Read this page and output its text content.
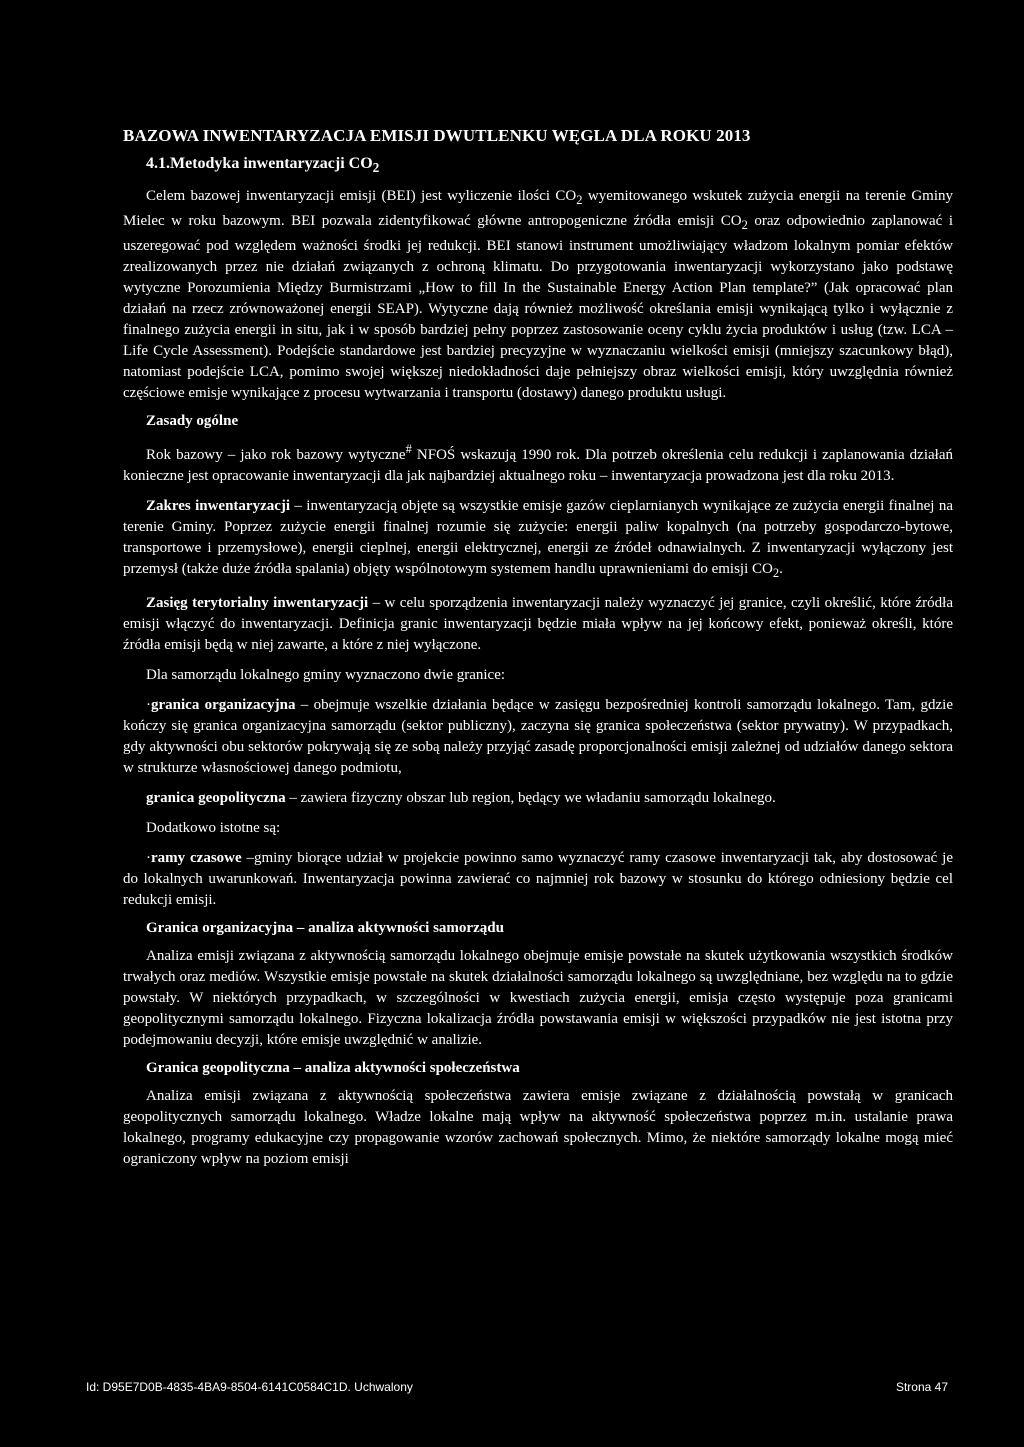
BAZOWA INWENTARYZACJA EMISJI DWUTLENKU WĘGLA DLA ROKU 2013
4.1.Metodyka inwentaryzacji $CO_2$

Celem bazowej inwentaryzacji emisji (BEI) jest wyliczenie ilości $CO_2$ wyemitowanego wskutek zużycia energii na terenie Gminy Mielec w roku bazowym. BEI pozwala zidentyfikować główne antropogeniczne źródła emisji $CO_2$ oraz odpowiednio zaplanować i uszeregować pod względem ważności środki jej redukcji. BEI stanowi instrument umożliwiający władzom lokalnym pomiar efektów zrealizowanych przez nie działań związanych z ochroną klimatu. Do przygotowania inwentaryzacji wykorzystano jako podstawę wytyczne Porozumienia Między Burmistrzami „How to fill In the Sustainable Energy Action Plan template?” (Jak opracować plan działań na rzecz zrównoważonej energii SEAP). Wytyczne dają również możliwość określania emisji wynikającą tylko i wyłącznie z finalnego zużycia energii in situ, jak i w sposób bardziej pełny poprzez zastosowanie oceny cyklu życia produktów i usług (tzw. LCA – Life Cycle Assessment). Podejście standardowe jest bardziej precyzyjne w wyznaczaniu wielkości emisji (mniejszy szacunkowy błąd), natomiast podejście LCA, pomimo swojej większej niedokładności daje pełniejszy obraz wielkości emisji, który uwzględnia również częściowe emisje wynikające z procesu wytwarzania i transportu (dostawy) danego produktu usługi.

Zasady ogólne

Rok bazowy – jako rok bazowy wytyczne# NFOŚ wskazują 1990 rok. Dla potrzeb określenia celu redukcji i zaplanowania działań konieczne jest opracowanie inwentaryzacji dla jak najbardziej aktualnego roku – inwentaryzacja prowadzona jest dla roku 2013.

Zakres inwentaryzacji – inwentaryzacją objęte są wszystkie emisje gazów cieplarnianych wynikające ze zużycia energii finalnej na terenie Gminy. Poprzez zużycie energii finalnej rozumie się zużycie: energii paliw kopalnych (na potrzeby gospodarczo-bytowe, transportowe i przemysłowe), energii cieplnej, energii elektrycznej, energii ze źródeł odnawialnych. Z inwentaryzacji wyłączony jest przemysł (także duże źródła spalania) objęty wspólnotowym systemem handlu uprawnieniami do emisji $CO_2$.

Zasięg terytorialny inwentaryzacji – w celu sporządzenia inwentaryzacji należy wyznaczyć jej granice, czyli określić, które źródła emisji włączyć do inwentaryzacji. Definicja granic inwentaryzacji będzie miała wpływ na jej końcowy efekt, ponieważ określi, które źródła emisji będą w niej zawarte, a które z niej wyłączone.

Dla samorządu lokalnego gminy wyznaczono dwie granice:

·granica organizacyjna – obejmuje wszelkie działania będące w zasięgu bezpośredniej kontroli samorządu lokalnego. Tam, gdzie kończy się granica organizacyjna samorządu (sektor publiczny), zaczyna się granica społeczeństwa (sektor prywatny). W przypadkach, gdy aktywności obu sektorów pokrywają się ze sobą należy przyjąć zasadę proporcjonalności emisji zależnej od udziałów danego sektora w strukturze własnościowej danego podmiotu,

granica geopolityczna – zawiera fizyczny obszar lub region, będący we władaniu samorządu lokalnego.

Dodatkowo istotne są:

·ramy czasowe –gminy biorące udział w projekcie powinno samo wyznaczyć ramy czasowe inwentaryzacji tak, aby dostosować je do lokalnych uwarunkowań. Inwentaryzacja powinna zawierać co najmniej rok bazowy w stosunku do którego odniesiony będzie cel redukcji emisji.

Granica organizacyjna – analiza aktywności samorządu

Analiza emisji związana z aktywnością samorządu lokalnego obejmuje emisje powstałe na skutek użytkowania wszystkich środków trwałych oraz mediów. Wszystkie emisje powstałe na skutek działalności samorządu lokalnego są uwzględniane, bez względu na to gdzie powstały. W niektórych przypadkach, w szczególności w kwestiach zużycia energii, emisja często występuje poza granicami geopolitycznymi samorządu lokalnego. Fizyczna lokalizacja źródła powstawania emisji w większości przypadków nie jest istotna przy podejmowaniu decyzji, które emisje uwzględnić w analizie.

Granica geopolityczna – analiza aktywności społeczeństwa

Analiza emisji związana z aktywnością społeczeństwa zawiera emisje związane z działalnością powstałą w granicach geopolitycznych samorządu lokalnego. Władze lokalne mają wpływ na aktywność społeczeństwa poprzez m.in. ustalanie prawa lokalnego, programy edukacyjne czy propagowanie wzorów zachowań społecznych. Mimo, że niektóre samorządy lokalne mogą mieć ograniczony wpływ na poziom emisji

Id: D95E7D0B-4835-4BA9-8504-6141C0584C1D. Uchwalony	Strona 47
